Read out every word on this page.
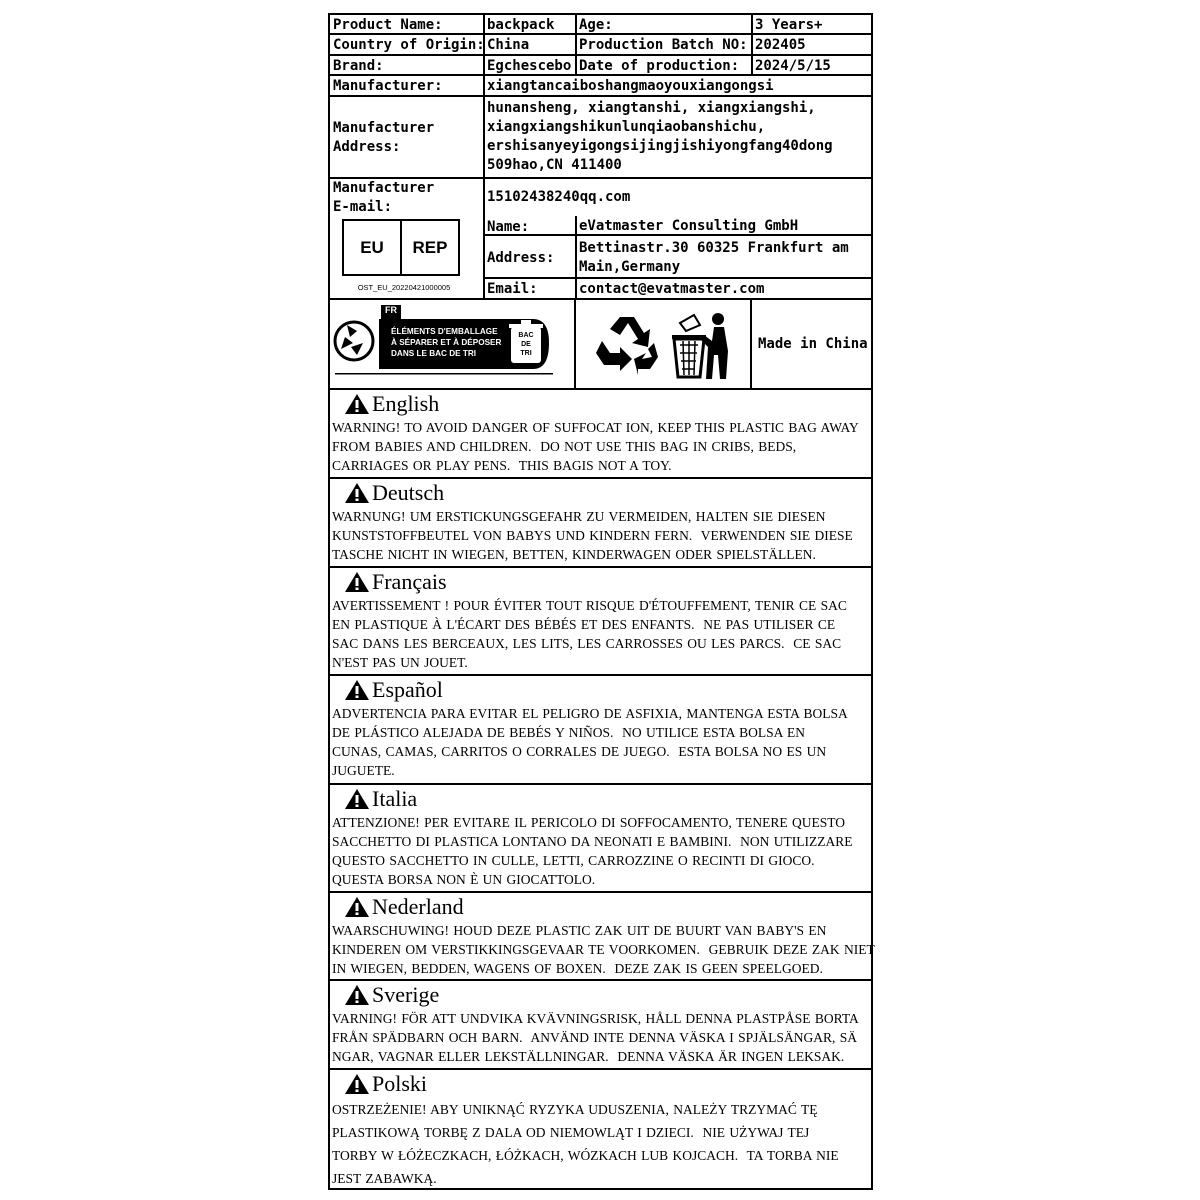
Product Name:	backpack Age:	3 Years+
Country of Origin: China	Production Batch NO: 202405
Brand:	Egchescebo Date of production: 2024/5/15
Manufacturer:	xiangtancaiboshangmaoyouxiangongsi
Manufacturer
Address:
hunansheng, xiangtanshi, xiangxiangshi,
xiangxiangshikunlunqiaobanshichu,
ershisanyeyigongsijingjishiyongfang40dong
509hao,CN 411400
Manufacturer
E-mail:
15102438240qq.com
EU	REP
OST_EU_20220421000005
Name:	eVatmaster Consulting GmbH
Address:
Bettinastr.30 60325 Frankfurt am
Main,Germany
Email:	contact@evatmaster.com
FR
ÉLÉMENTS D'EMBALLAGE
À SÉPARER ET À DÉPOSER
DANS LE BAC DE TRI
BAC
DE
TRI
Made in China
English
WARNING! TO AVOID DANGER OF SUFFOCAT ION, KEEP THIS PLASTIC BAG AWAY
FROM BABIES AND CHILDREN.  DO NOT USE THIS BAG IN CRIBS, BEDS,
CARRIAGES OR PLAY PENS.  THIS BAGIS NOT A TOY.
Deutsch
WARNUNG! UM ERSTICKUNGSGEFAHR ZU VERMEIDEN, HALTEN SIE DIESEN
KUNSTSTOFFBEUTEL VON BABYS UND KINDERN FERN.  VERWENDEN SIE DIESE
TASCHE NICHT IN WIEGEN, BETTEN, KINDERWAGEN ODER SPIELSTÄLLEN.
Français
AVERTISSEMENT ! POUR ÉVITER TOUT RISQUE D'ÉTOUFFEMENT, TENIR CE SAC
EN PLASTIQUE À L'ÉCART DES BÉBÉS ET DES ENFANTS.  NE PAS UTILISER CE
SAC DANS LES BERCEAUX, LES LITS, LES CARROSSES OU LES PARCS.  CE SAC
N'EST PAS UN JOUET.
Español
ADVERTENCIA PARA EVITAR EL PELIGRO DE ASFIXIA, MANTENGA ESTA BOLSA
DE PLÁSTICO ALEJADA DE BEBÉS Y NIÑOS.  NO UTILICE ESTA BOLSA EN
CUNAS, CAMAS, CARRITOS O CORRALES DE JUEGO.  ESTA BOLSA NO ES UN
JUGUETE.
Italia
ATTENZIONE! PER EVITARE IL PERICOLO DI SOFFOCAMENTO, TENERE QUESTO
SACCHETTO DI PLASTICA LONTANO DA NEONATI E BAMBINI.  NON UTILIZZARE
QUESTO SACCHETTO IN CULLE, LETTI, CARROZZINE O RECINTI DI GIOCO.
QUESTA BORSA NON È UN GIOCATTOLO.
Nederland
WAARSCHUWING! HOUD DEZE PLASTIC ZAK UIT DE BUURT VAN BABY'S EN
KINDEREN OM VERSTIKKINGSGEVAAR TE VOORKOMEN.  GEBRUIK DEZE ZAK NIET
IN WIEGEN, BEDDEN, WAGENS OF BOXEN.  DEZE ZAK IS GEEN SPEELGOED.
Sverige
VARNING! FÖR ATT UNDVIKA KVÄVNINGSRISK, HÅLL DENNA PLASTPÅSE BORTA
FRÅN SPÄDBARN OCH BARN.  ANVÄND INTE DENNA VÄSKA I SPJÄLSÄNGAR, SÄ
NGAR, VAGNAR ELLER LEKSTÄLLNINGAR.  DENNA VÄSKA ÄR INGEN LEKSAK.
Polski
OSTRZEŻENIE! ABY UNIKNĄĆ RYZYKA UDUSZENIA, NALEŻY TRZYMAĆ TĘ
PLASTIKOWĄ TORBĘ Z DALA OD NIEMOWLĄT I DZIECI.  NIE UŻYWAJ TEJ
TORBY W ŁÓŻECZKACH, ŁÓŻKACH, WÓZKACH LUB KOJCACH.  TA TORBA NIE
JEST ZABAWKĄ.
